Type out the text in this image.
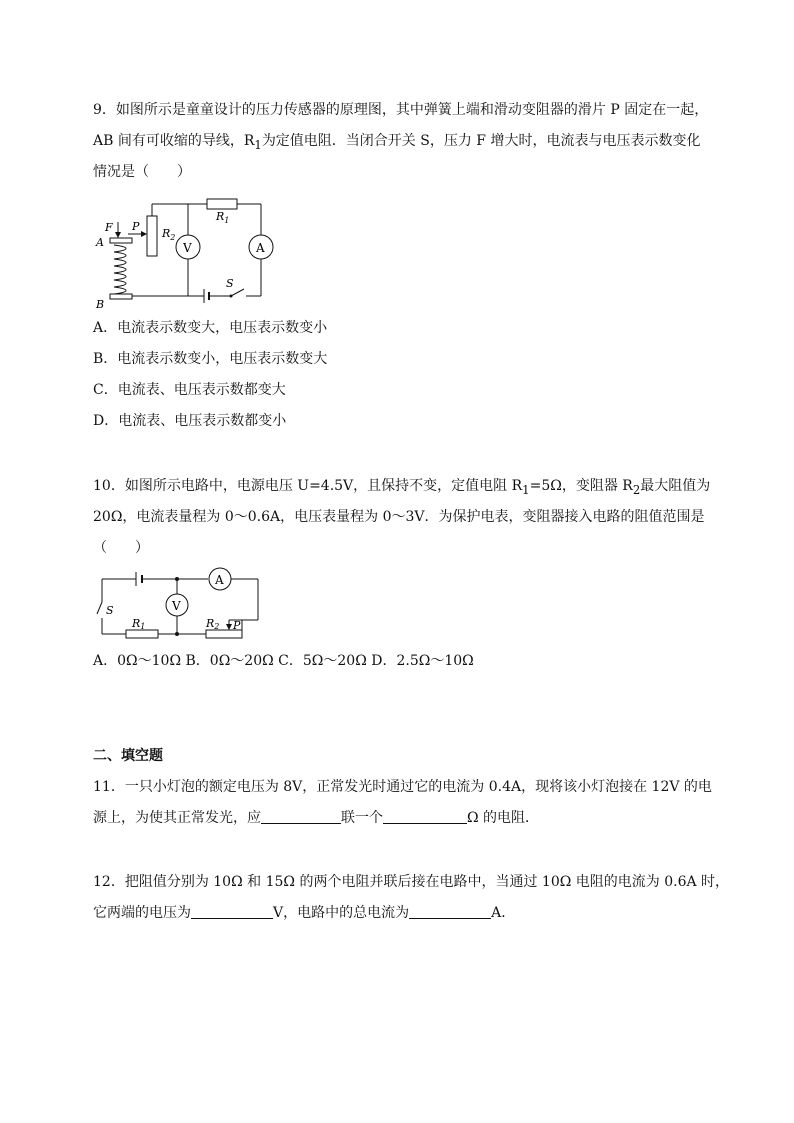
9．如图所示是童童设计的压力传感器的原理图，其中弹簧上端和滑动变阻器的滑片 P 固定在一起，
AB 间有可收缩的导线，$R_1$为定值电阻．当闭合开关 S，压力 F 增大时，电流表与电压表示数变化
情况是（　　）
$R_1$
A
V
$R_2$
P
F
A
B
S
A．电流表示数变大，电压表示数变小
B．电流表示数变小，电压表示数变大
C．电流表、电压表示数都变大
D．电流表、电压表示数都变小
10．如图所示电路中，电源电压 U=4.5V，且保持不变，定值电阻 $R_1=5\Omega$，变阻器 $R_2$最大阻值为
20Ω，电流表量程为 0～0.6A，电压表量程为 0～3V．为保护电表，变阻器接入电路的阻值范围是
（　　）
A
S
R1	R2 P
V
A．0Ω～10Ω B．0Ω～20Ω C．5Ω～20Ω D．2.5Ω～10Ω
二、填空题
11．一只小灯泡的额定电压为 8V，正常发光时通过它的电流为 0.4A，现将该小灯泡接在 12V 的电
源上，为使其正常发光，应	联一个	Ω 的电阻．
12．把阻值分别为 10Ω 和 15Ω 的两个电阻并联后接在电路中，当通过 10Ω 电阻的电流为 0.6A 时，
它两端的电压为	V，电路中的总电流为	A．
